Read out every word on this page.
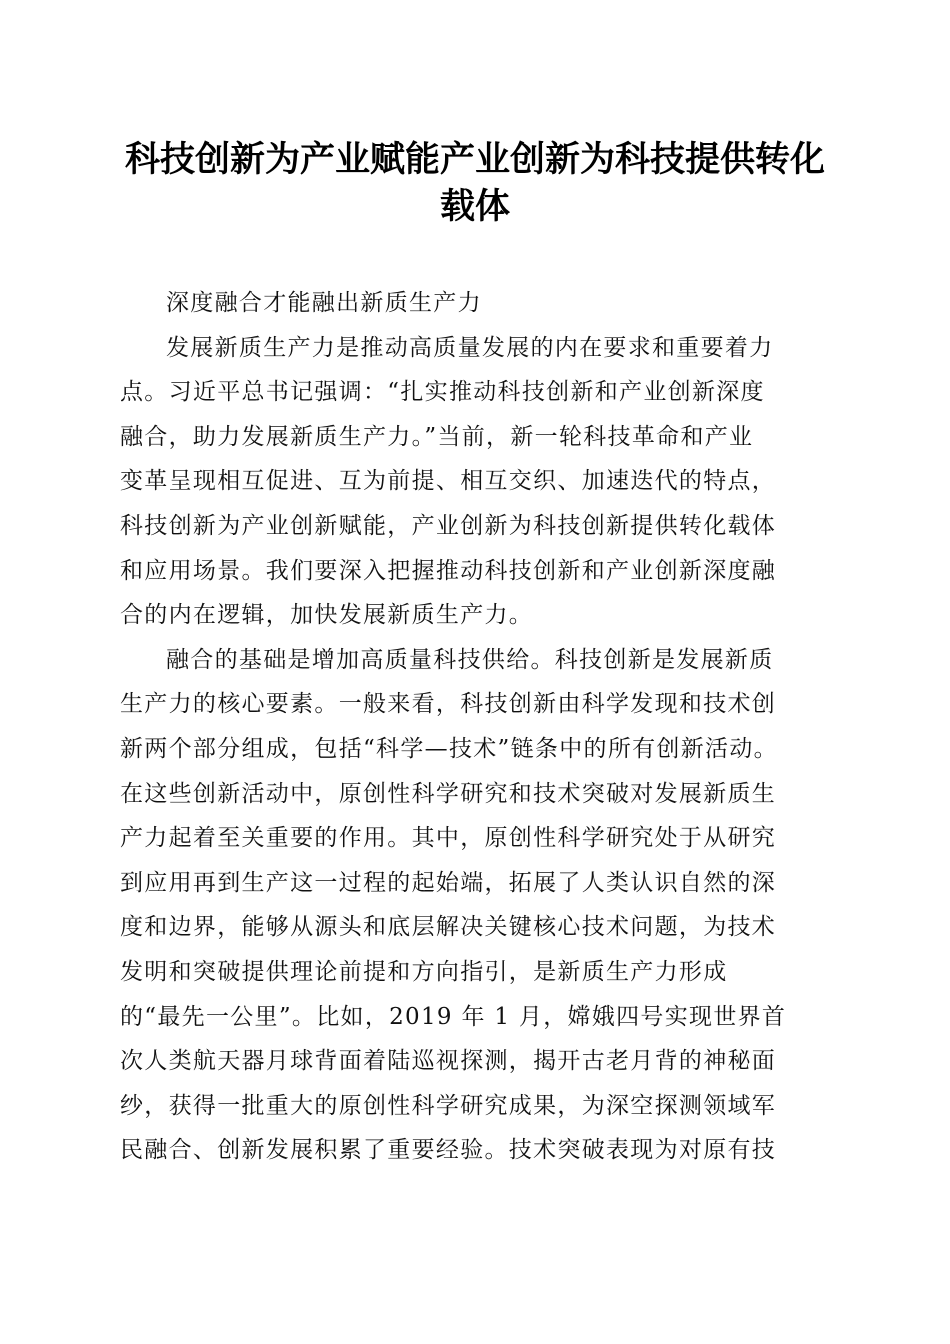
科技创新为产业赋能产业创新为科技提供转化
载体

深度融合才能融出新质生产力

发展新质生产力是推动高质量发展的内在要求和重要着力
点。习近平总书记强调：“扎实推动科技创新和产业创新深度
融合，助力发展新质生产力。”当前，新一轮科技革命和产业
变革呈现相互促进、互为前提、相互交织、加速迭代的特点，
科技创新为产业创新赋能，产业创新为科技创新提供转化载体
和应用场景。我们要深入把握推动科技创新和产业创新深度融
合的内在逻辑，加快发展新质生产力。

融合的基础是增加高质量科技供给。科技创新是发展新质
生产力的核心要素。一般来看，科技创新由科学发现和技术创
新两个部分组成，包括“科学—技术”链条中的所有创新活动。
在这些创新活动中，原创性科学研究和技术突破对发展新质生
产力起着至关重要的作用。其中，原创性科学研究处于从研究
到应用再到生产这一过程的起始端，拓展了人类认识自然的深
度和边界，能够从源头和底层解决关键核心技术问题，为技术
发明和突破提供理论前提和方向指引，是新质生产力形成
的“最先一公里”。比如，2019 年 1 月，嫦娥四号实现世界首
次人类航天器月球背面着陆巡视探测，揭开古老月背的神秘面
纱，获得一批重大的原创性科学研究成果，为深空探测领域军
民融合、创新发展积累了重要经验。技术突破表现为对原有技
